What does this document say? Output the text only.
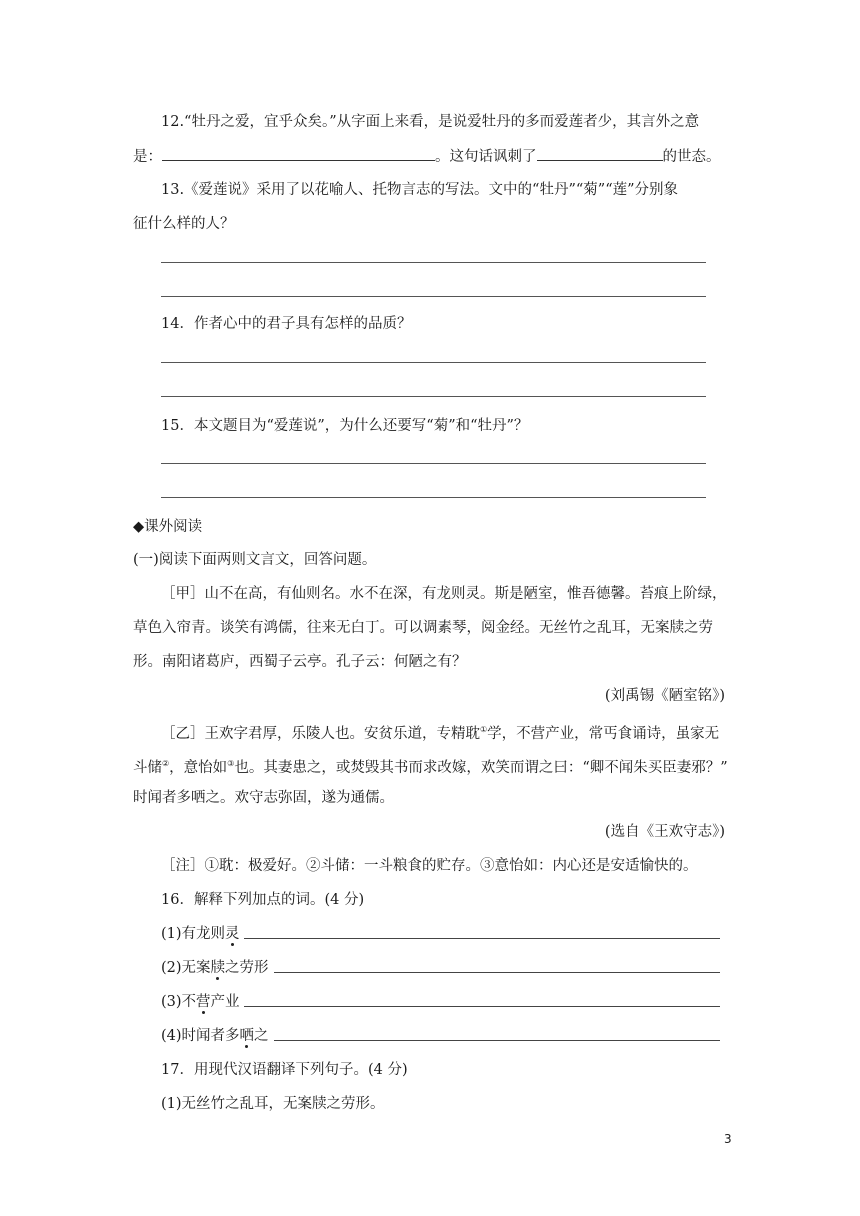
12.“牡丹之爱，宜乎众矣。”从字面上来看，是说爱牡丹的多而爱莲者少，其言外之意
是：	。这句话讽刺了	的世态。
13.《爱莲说》采用了以花喻人、托物言志的写法。文中的“牡丹”“菊”“莲”分别象
征什么样的人？
14．作者心中的君子具有怎样的品质？
15．本文题目为“爱莲说”，为什么还要写“菊”和“牡丹”？
◆课外阅读
(一)阅读下面两则文言文，回答问题。
［甲］山不在高，有仙则名。水不在深，有龙则灵。斯是陋室，惟吾德馨。苔痕上阶绿，
草色入帘青。谈笑有鸿儒，往来无白丁。可以调素琴，阅金经。无丝竹之乱耳，无案牍之劳
形。南阳诸葛庐，西蜀子云亭。孔子云：何陋之有？
(刘禹锡《陋室铭》)
［乙］王欢字君厚，乐陵人也。安贫乐道，专精耽①学，不营产业，常丐食诵诗，虽家无
斗储②，意怡如③也。其妻患之，或焚毁其书而求改嫁，欢笑而谓之曰：“卿不闻朱买臣妻邪？”
时闻者多哂之。欢守志弥固，遂为通儒。
(选自《王欢守志》)
［注］①耽：极爱好。②斗储：一斗粮食的贮存。③意怡如：内心还是安适愉快的。
16．解释下列加点的词。(4 分)
(1)有龙则灵
(2)无案牍之劳形
(3)不营产业
(4)时闻者多哂之
17．用现代汉语翻译下列句子。(4 分)
(1)无丝竹之乱耳，无案牍之劳形。
3
